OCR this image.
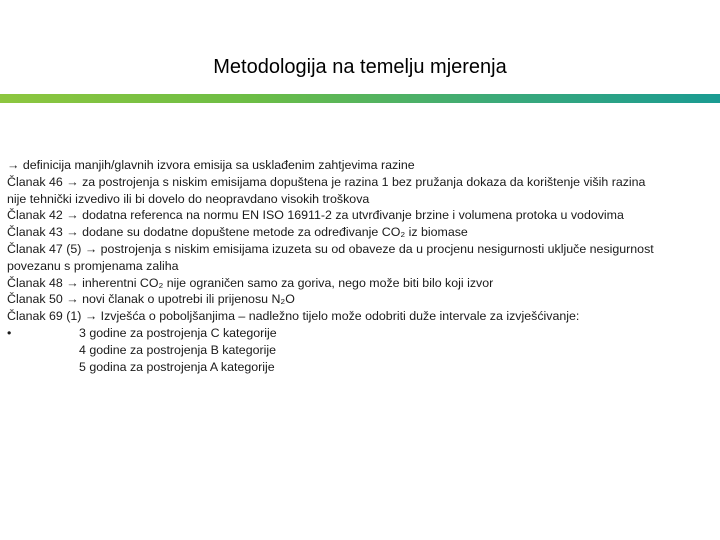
Metodologija na temelju mjerenja
→ definicija manjih/glavnih izvora emisija sa usklađenim zahtjevima razine
Članak 46 → za postrojenja s niskim emisijama dopuštena je razina 1 bez pružanja dokaza da korištenje viših razina
nije tehnički izvedivo ili bi dovelo do neopravdano visokih troškova
Članak 42 → dodatna referenca na normu EN ISO 16911-2 za utvrđivanje brzine i volumena protoka u vodovima
Članak 43 → dodane su dodatne dopuštene metode za određivanje CO₂ iz biomase
Članak 47 (5) → postrojenja s niskim emisijama izuzeta su od obaveze da u procjenu nesigurnosti uključe nesigurnost
povezanu s promjenama zaliha
Članak 48 → inherentni CO₂ nije ograničen samo za goriva, nego može biti bilo koji izvor
Članak 50 → novi članak o upotrebi ili prijenosu N₂O
Članak 69 (1) → Izvješća o poboljšanjima – nadležno tijelo može odobriti duže intervale za izvješćivanje:
•	3 godine za postrojenja C kategorije
4 godine za postrojenja B kategorije
5 godina za postrojenja A kategorije
